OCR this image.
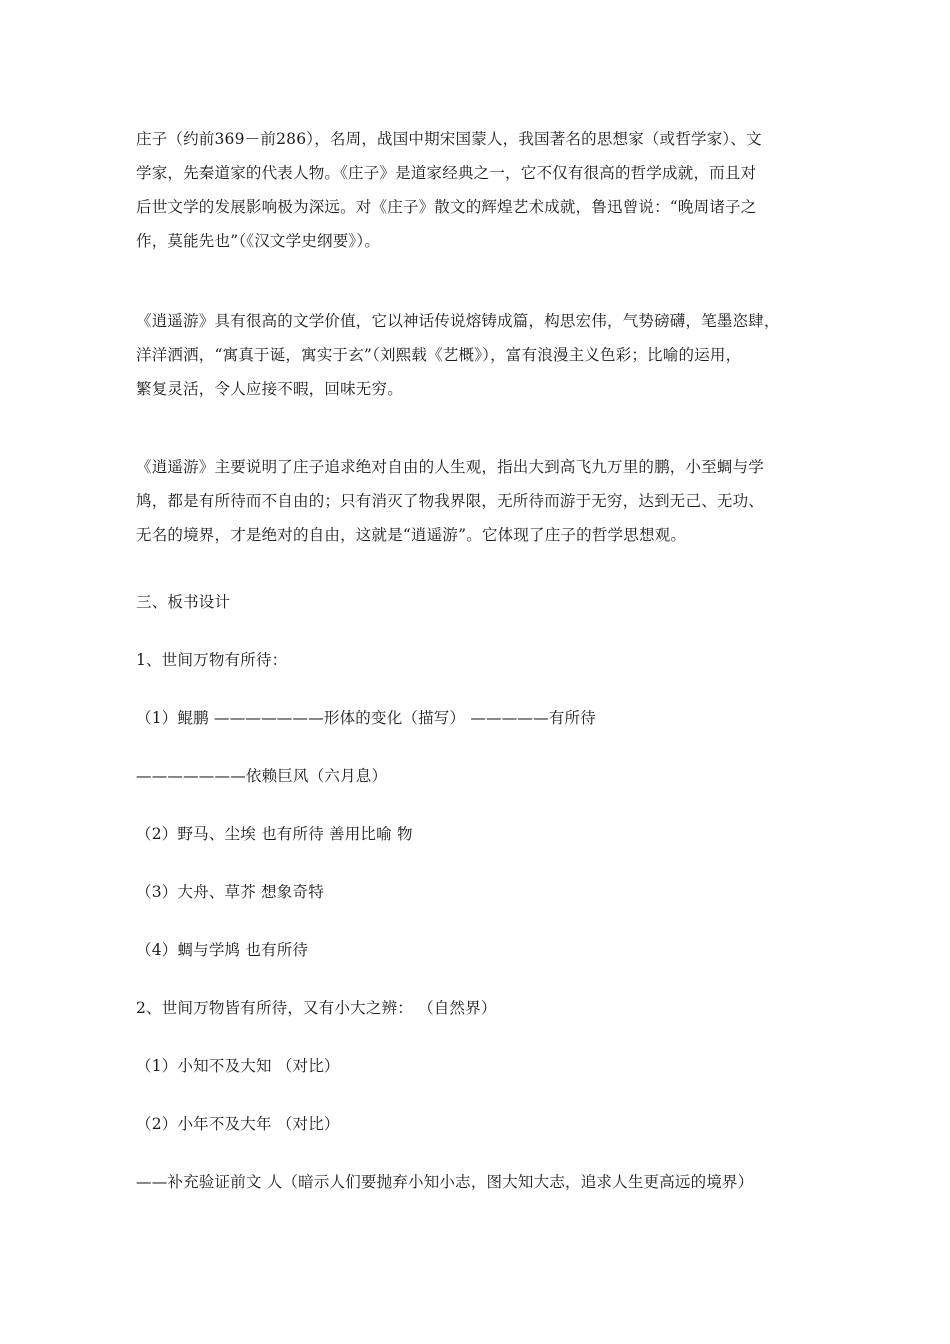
庄子（约前369－前286），名周，战国中期宋国蒙人，我国著名的思想家（或哲学家）、文

学家，先秦道家的代表人物。《庄子》是道家经典之一，它不仅有很高的哲学成就，而且对

后世文学的发展影响极为深远。对《庄子》散文的辉煌艺术成就，鲁迅曾说：“晚周诸子之

作，莫能先也”（《汉文学史纲要》）。

《逍遥游》具有很高的文学价值，它以神话传说熔铸成篇，构思宏伟，气势磅礴，笔墨恣肆，

洋洋洒洒，“寓真于诞，寓实于玄”（刘熙载《艺概》），富有浪漫主义色彩；比喻的运用，

繁复灵活，令人应接不暇，回味无穷。

《逍遥游》主要说明了庄子追求绝对自由的人生观，指出大到高飞九万里的鹏，小至蜩与学

鸠，都是有所待而不自由的；只有消灭了物我界限，无所待而游于无穷，达到无己、无功、

无名的境界，才是绝对的自由，这就是“逍遥游”。它体现了庄子的哲学思想观。

三、板书设计
1、世间万物有所待：
（1）鲲鹏 ———————形体的变化（描写） —————有所待
———————依赖巨风（六月息）
（2）野马、尘埃 也有所待 善用比喻 物
（3）大舟、草芥 想象奇特
（4）蜩与学鸠 也有所待
2、世间万物皆有所待，又有小大之辨： （自然界）
（1）小知不及大知 （对比）
（2）小年不及大年 （对比）
——补充验证前文 人（暗示人们要抛弃小知小志，图大知大志，追求人生更高远的境界）
